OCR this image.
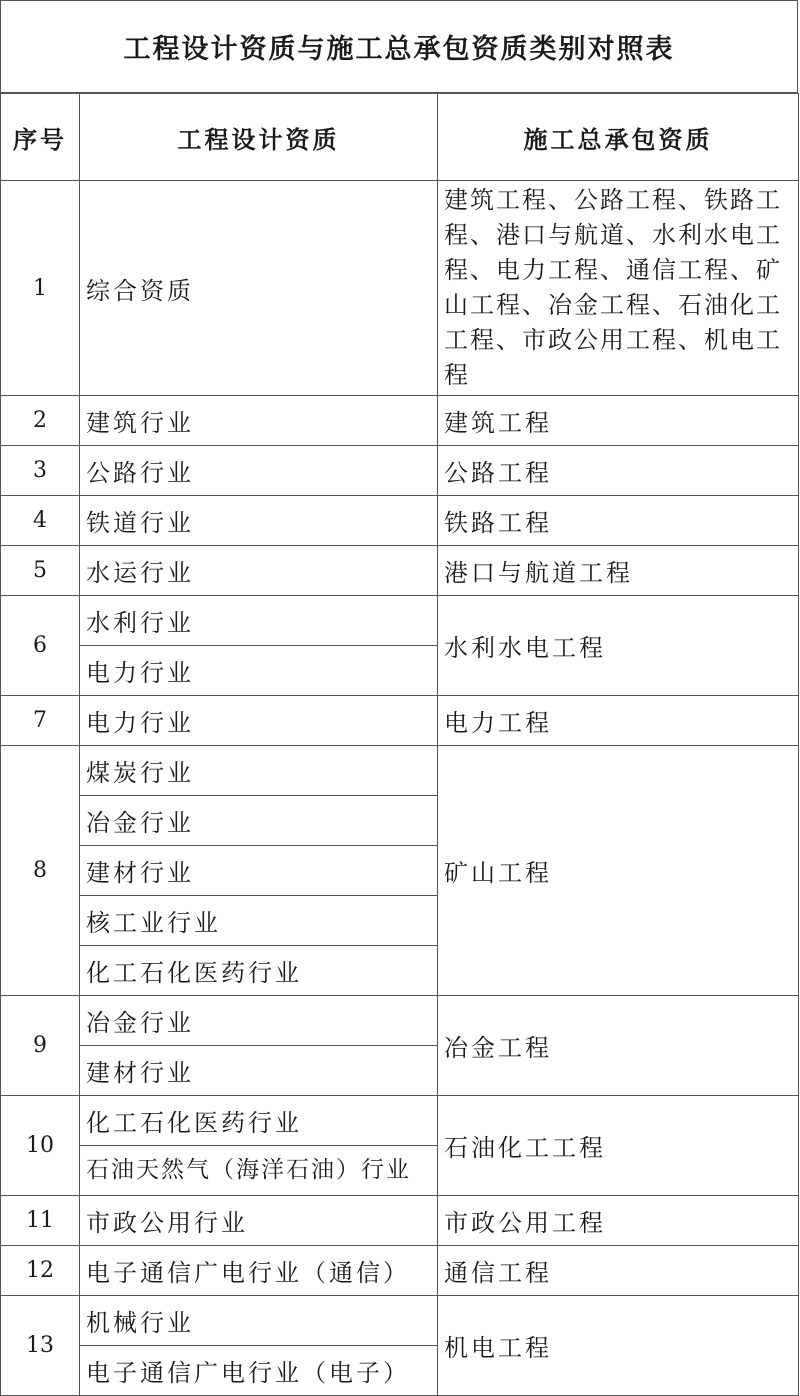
工程设计资质与施工总承包资质类别对照表
序号	工程设计资质	施工总承包资质
1	综合资质	建筑工程、公路工程、铁路工程、港口与航道、水利水电工程、电力工程、通信工程、矿山工程、冶金工程、石油化工工程、市政公用工程、机电工程
2	建筑行业	建筑工程
3	公路行业	公路工程
4	铁道行业	铁路工程
5	水运行业	港口与航道工程
6	水利行业	水利水电工程
	电力行业	
7	电力行业	电力工程
8	煤炭行业	矿山工程
	冶金行业	
	建材行业	
	核工业行业	
	化工石化医药行业	
9	冶金行业	冶金工程
	建材行业	
10	化工石化医药行业	石油化工工程
	石油天然气（海洋石油）行业	
11	市政公用行业	市政公用工程
12	电子通信广电行业（通信）	通信工程
13	机械行业	机电工程
	电子通信广电行业（电子）	
